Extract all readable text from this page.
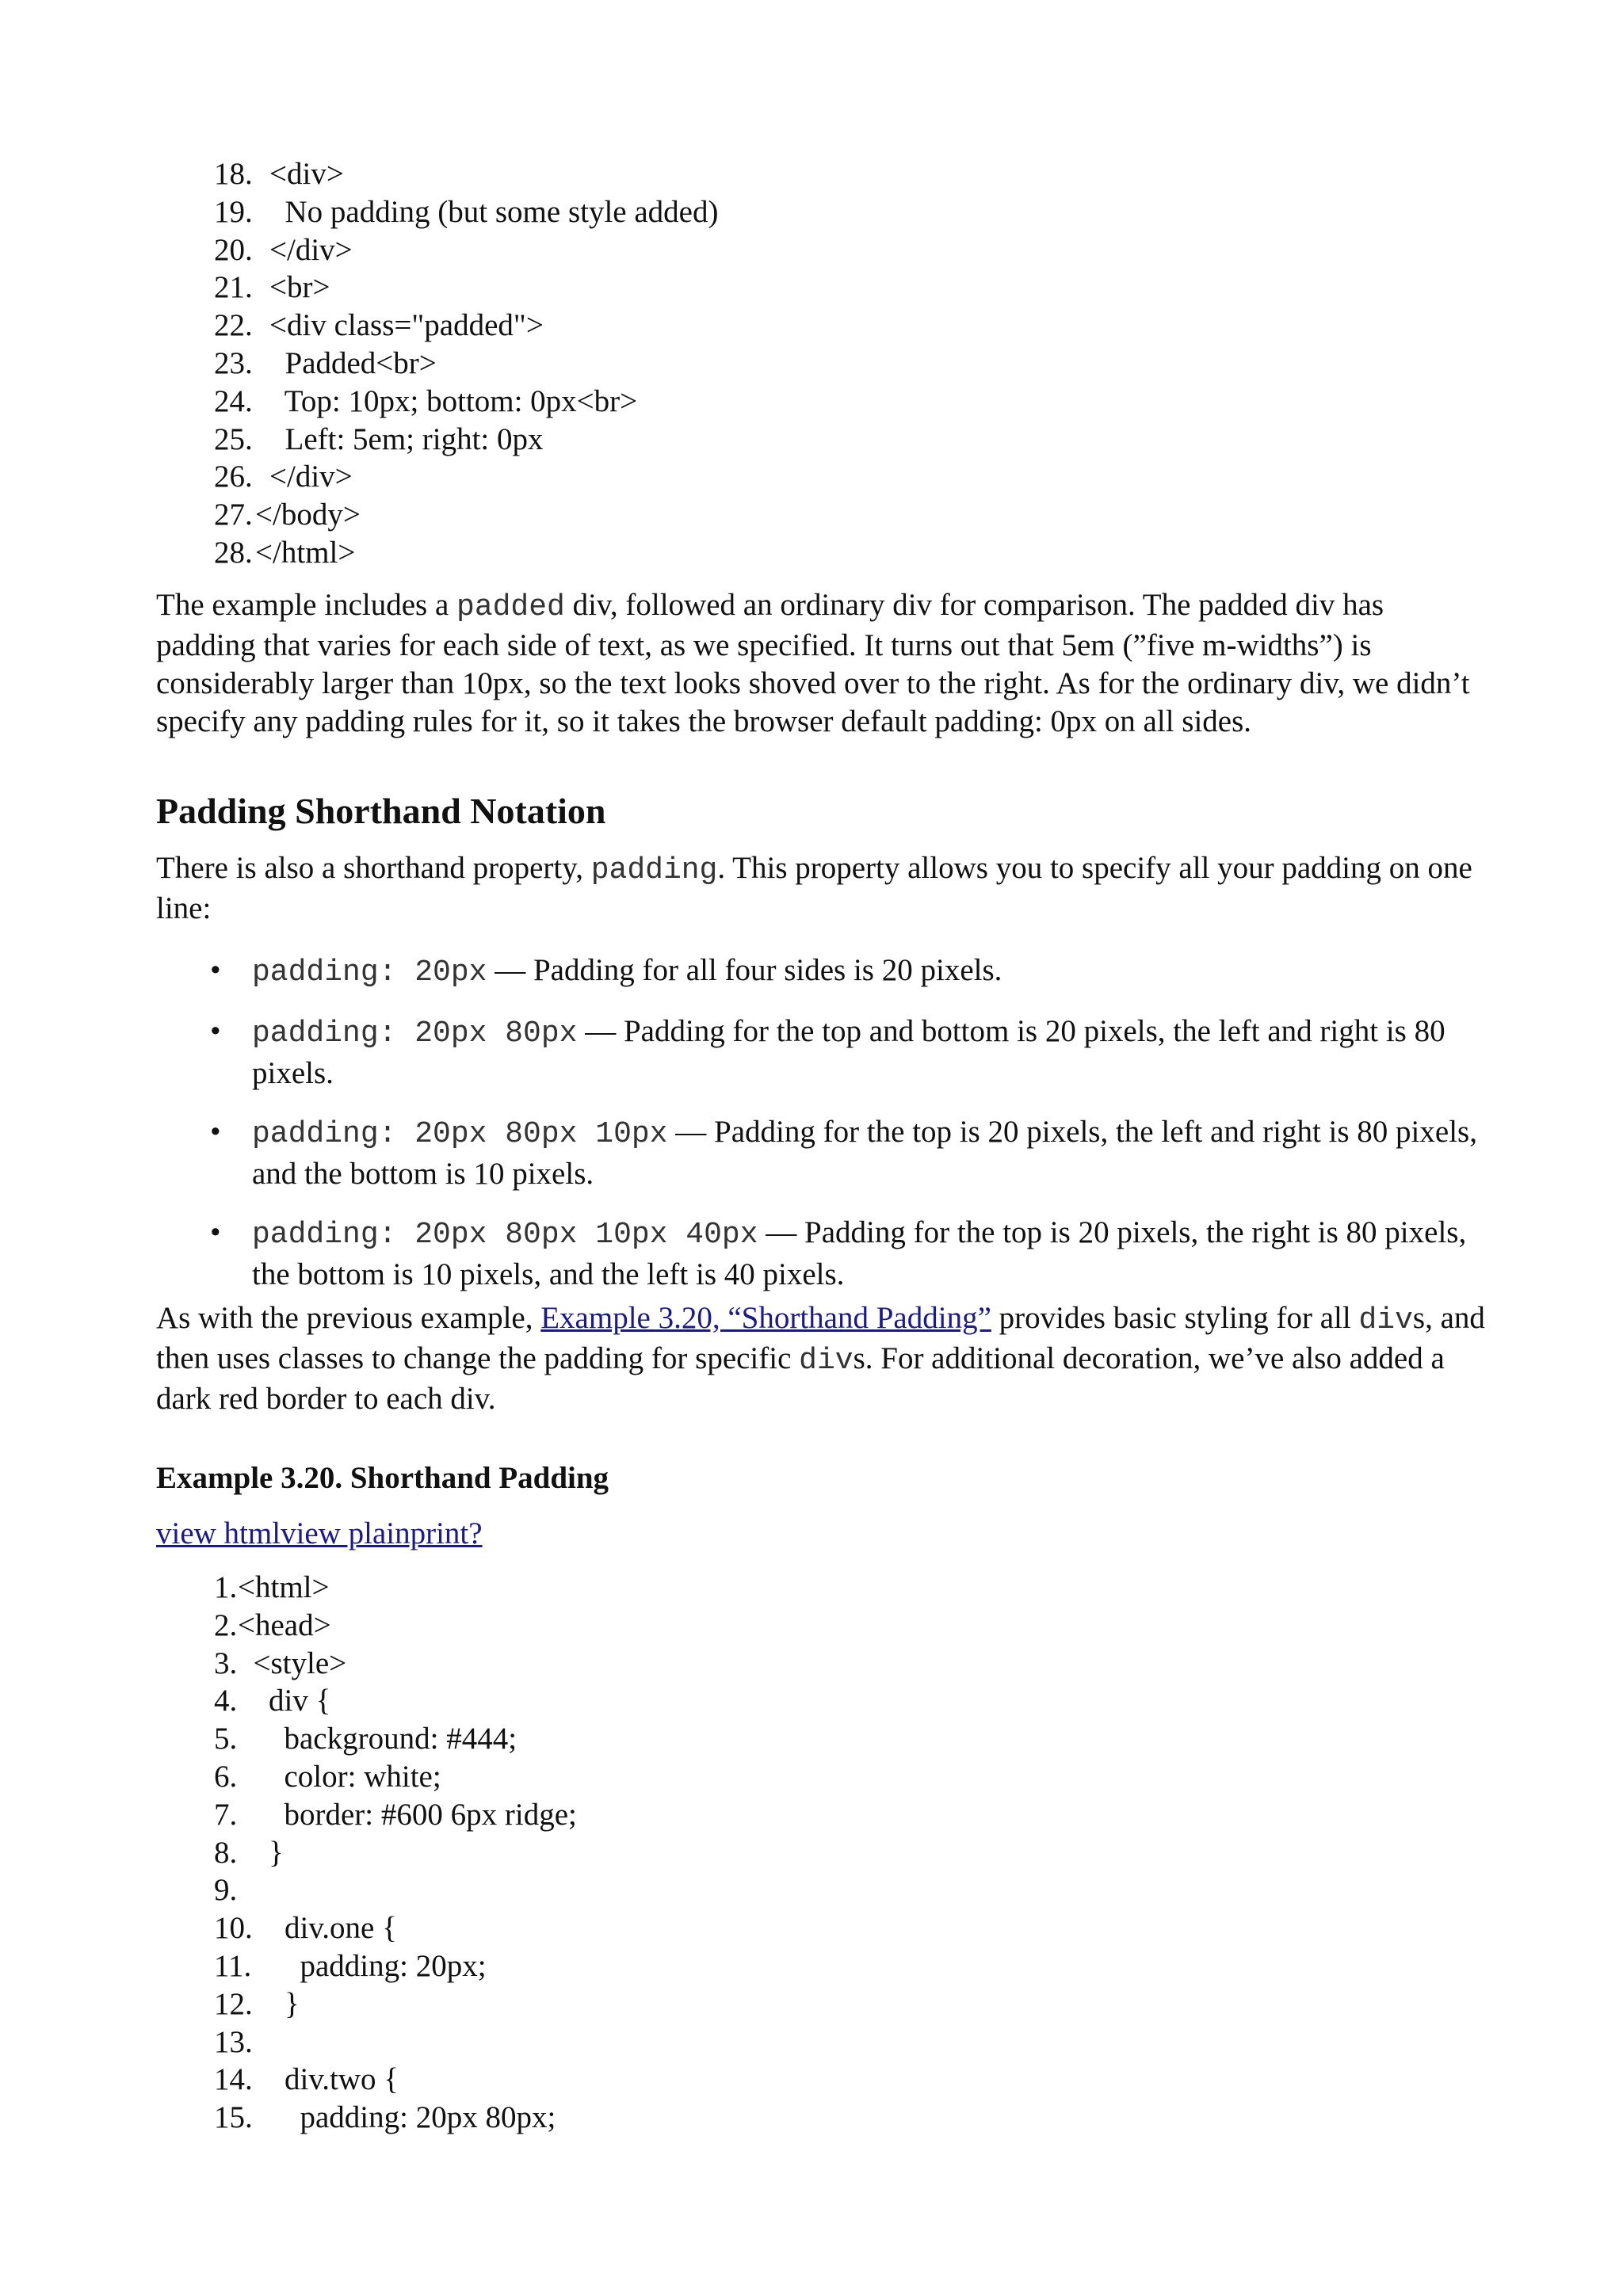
18. <div>
19. No padding (but some style added)
20. </div>
21. <br>
22. <div class="padded">
23. Padded<br>
24. Top: 10px; bottom: 0px<br>
25. Left: 5em; right: 0px
26. </div>
27. </body>
28. </html>

The example includes a padded div, followed an ordinary div for comparison. The padded div has padding that varies for each side of text, as we specified. It turns out that 5em (”five m-widths”) is considerably larger than 10px, so the text looks shoved over to the right. As for the ordinary div, we didn’t specify any padding rules for it, so it takes the browser default padding: 0px on all sides.

Padding Shorthand Notation

There is also a shorthand property, padding. This property allows you to specify all your padding on one line:

• padding: 20px — Padding for all four sides is 20 pixels.
• padding: 20px 80px — Padding for the top and bottom is 20 pixels, the left and right is 80 pixels.
• padding: 20px 80px 10px — Padding for the top is 20 pixels, the left and right is 80 pixels, and the bottom is 10 pixels.
• padding: 20px 80px 10px 40px — Padding for the top is 20 pixels, the right is 80 pixels, the bottom is 10 pixels, and the left is 40 pixels.

As with the previous example, Example 3.20, “Shorthand Padding” provides basic styling for all divs, and then uses classes to change the padding for specific divs. For additional decoration, we’ve also added a dark red border to each div.

Example 3.20. Shorthand Padding
view htmlview plainprint?
1. <html>
2. <head>
3. <style>
4. div {
5. background: #444;
6. color: white;
7. border: #600 6px ridge;
8. }
9.
10. div.one {
11. padding: 20px;
12. }
13.
14. div.two {
15. padding: 20px 80px;
